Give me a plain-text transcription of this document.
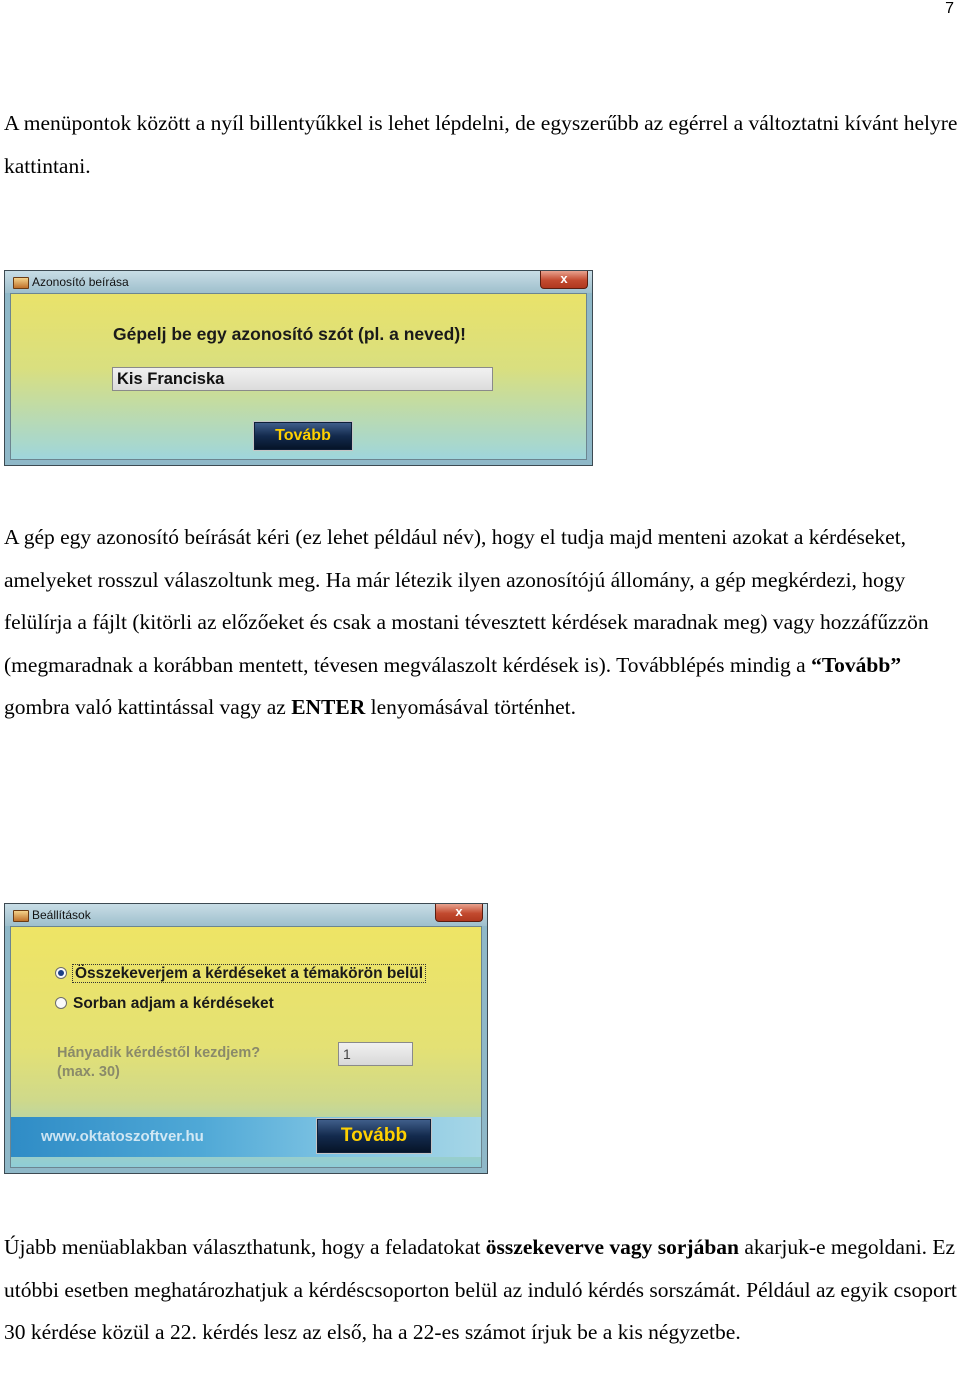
7

A menüpontok között a nyíl billentyűkkel is lehet lépdelni, de egyszerűbb az egérrel a változtatni kívánt helyre kattintani.

Azonosító beírása	x
Gépelj be egy azonosító szót (pl. a neved)!
Kis Franciska
Tovább

A gép egy azonosító beírását kéri (ez lehet például név), hogy el tudja majd menteni azokat a kérdéseket, amelyeket rosszul válaszoltunk meg. Ha már létezik ilyen azonosítójú állomány, a gép megkérdezi, hogy felülírja a fájlt (kitörli az előzőeket és csak a mostani tévesztett kérdések maradnak meg) vagy hozzáfűzzön (megmaradnak a korábban mentett, tévesen megválaszolt kérdések is). Továbblépés mindig a “Tovább” gombra való kattintással vagy az ENTER lenyomásával történhet.

Beállítások	x
Összekeverjem a kérdéseket a témakörön belül
Sorban adjam a kérdéseket
Hányadik kérdéstől kezdjem?
(max. 30)
1
www.oktatoszoftver.hu	Tovább

Újabb menüablakban választhatunk, hogy a feladatokat összekeverve vagy sorjában akarjuk-e megoldani. Ez utóbbi esetben meghatározhatjuk a kérdéscsoporton belül az induló kérdés sorszámát. Például az egyik csoport 30 kérdése közül a 22. kérdés lesz az első, ha a 22-es számot írjuk be a kis négyzetbe.
